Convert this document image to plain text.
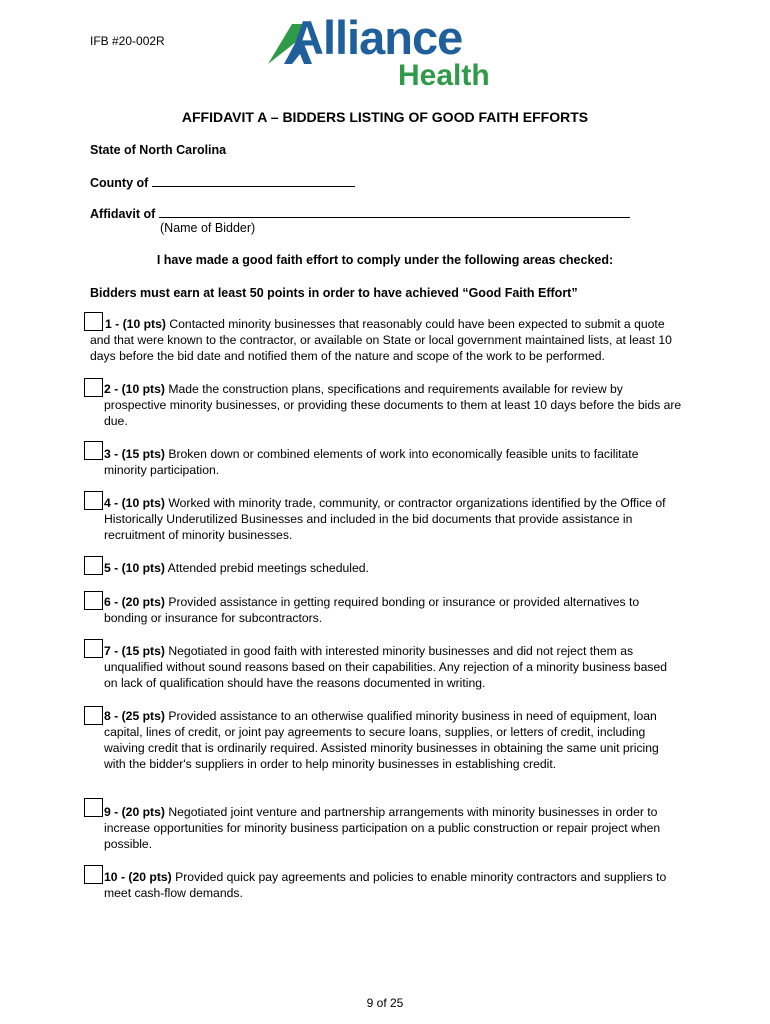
IFB #20-002R	Alliance
Health
AFFIDAVIT A – BIDDERS LISTING OF GOOD FAITH EFFORTS
State of North Carolina
County of
Affidavit of
(Name of Bidder)
I have made a good faith effort to comply under the following areas checked:
Bidders must earn at least 50 points in order to have achieved “Good Faith Effort”
1 - (10 pts) Contacted minority businesses that reasonably could have been expected to submit a quote and that were known to the contractor, or available on State or local government maintained lists, at least 10 days before the bid date and notified them of the nature and scope of the work to be performed.
2 - (10 pts) Made the construction plans, specifications and requirements available for review by prospective minority businesses, or providing these documents to them at least 10 days before the bids are due.
3 - (15 pts) Broken down or combined elements of work into economically feasible units to facilitate minority participation.
4 - (10 pts) Worked with minority trade, community, or contractor organizations identified by the Office of Historically Underutilized Businesses and included in the bid documents that provide assistance in recruitment of minority businesses.
5 - (10 pts) Attended prebid meetings scheduled.
6 - (20 pts) Provided assistance in getting required bonding or insurance or provided alternatives to bonding or insurance for subcontractors.
7 - (15 pts) Negotiated in good faith with interested minority businesses and did not reject them as unqualified without sound reasons based on their capabilities. Any rejection of a minority business based on lack of qualification should have the reasons documented in writing.
8 - (25 pts) Provided assistance to an otherwise qualified minority business in need of equipment, loan capital, lines of credit, or joint pay agreements to secure loans, supplies, or letters of credit, including waiving credit that is ordinarily required. Assisted minority businesses in obtaining the same unit pricing with the bidder's suppliers in order to help minority businesses in establishing credit.
9 - (20 pts) Negotiated joint venture and partnership arrangements with minority businesses in order to increase opportunities for minority business participation on a public construction or repair project when possible.
10 - (20 pts) Provided quick pay agreements and policies to enable minority contractors and suppliers to meet cash-flow demands.
9 of 25
